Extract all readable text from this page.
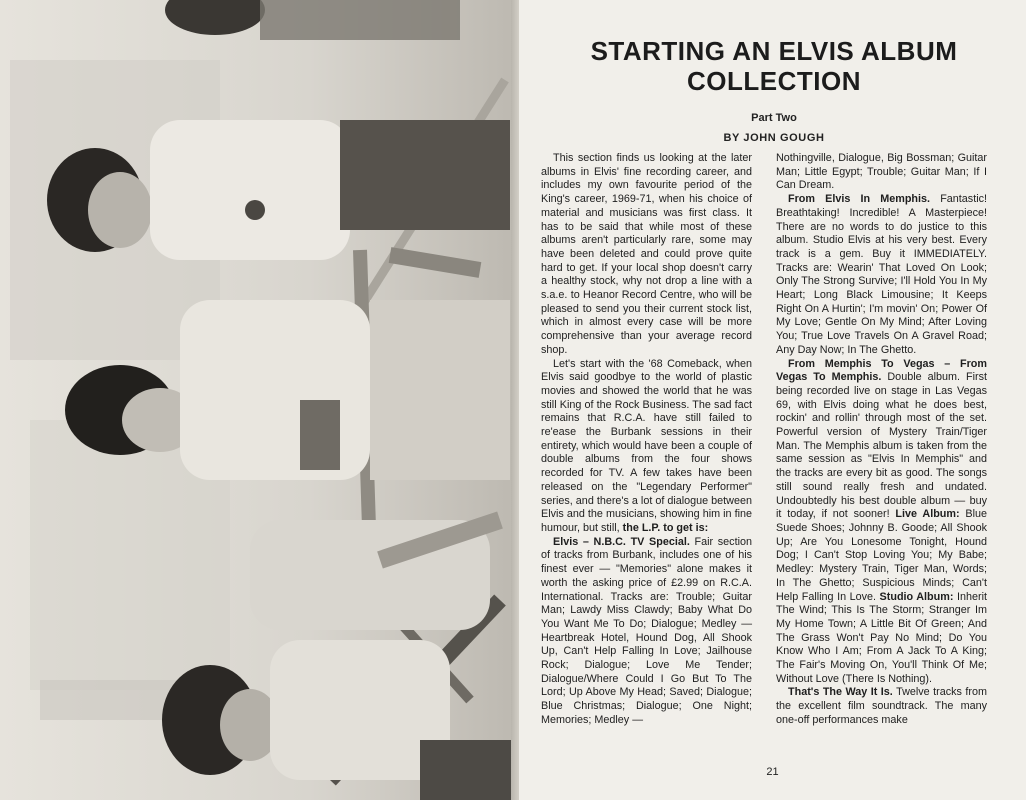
STARTING AN ELVIS ALBUM COLLECTION
Part Two
BY JOHN GOUGH

This section finds us looking at the later albums in Elvis' fine recording career, and includes my own favourite period of the King's career, 1969-71, when his choice of material and musicians was first class. It has to be said that while most of these albums aren't particularly rare, some may have been deleted and could prove quite hard to get. If your local shop doesn't carry a healthy stock, why not drop a line with a s.a.e. to Heanor Record Centre, who will be pleased to send you their current stock list, which in almost every case will be more comprehensive than your average record shop.

Let's start with the '68 Comeback, when Elvis said goodbye to the world of plastic movies and showed the world that he was still King of the Rock Business. The sad fact remains that R.C.A. have still failed to re'ease the Burbank sessions in their entirety, which would have been a couple of double albums from the four shows recorded for TV. A few takes have been released on the "Legendary Performer" series, and there's a lot of dialogue between Elvis and the musicians, showing him in fine humour, but still, the L.P. to get is:

Elvis – N.B.C. TV Special. Fair section of tracks from Burbank, includes one of his finest ever — "Memories" alone makes it worth the asking price of £2.99 on R.C.A. International. Tracks are: Trouble; Guitar Man; Lawdy Miss Clawdy; Baby What Do You Want Me To Do; Dialogue; Medley — Heartbreak Hotel, Hound Dog, All Shook Up, Can't Help Falling In Love; Jailhouse Rock; Dialogue; Love Me Tender; Dialogue/Where Could I Go But To The Lord; Up Above My Head; Saved; Dialogue; Blue Christmas; Dialogue; One Night; Memories; Medley —

Nothingville, Dialogue, Big Bossman; Guitar Man; Little Egypt; Trouble; Guitar Man; If I Can Dream.

From Elvis In Memphis. Fantastic! Breathtaking! Incredible! A Masterpiece! There are no words to do justice to this album. Studio Elvis at his very best. Every track is a gem. Buy it IMMEDIATELY. Tracks are: Wearin' That Loved On Look; Only The Strong Survive; I'll Hold You In My Heart; Long Black Limousine; It Keeps Right On A Hurtin'; I'm movin' On; Power Of My Love; Gentle On My Mind; After Loving You; True Love Travels On A Gravel Road; Any Day Now; In The Ghetto.

From Memphis To Vegas – From Vegas To Memphis. Double album. First being recorded live on stage in Las Vegas 69, with Elvis doing what he does best, rockin' and rollin' through most of the set. Powerful version of Mystery Train/Tiger Man. The Memphis album is taken from the same session as "Elvis In Memphis" and the tracks are every bit as good. The songs still sound really fresh and undated. Undoubtedly his best double album — buy it today, if not sooner! Live Album: Blue Suede Shoes; Johnny B. Goode; All Shook Up; Are You Lonesome Tonight, Hound Dog; I Can't Stop Loving You; My Babe; Medley: Mystery Train, Tiger Man, Words; In The Ghetto; Suspicious Minds; Can't Help Falling In Love. Studio Album: Inherit The Wind; This Is The Storm; Stranger Im My Home Town; A Little Bit Of Green; And The Grass Won't Pay No Mind; Do You Know Who I Am; From A Jack To A King; The Fair's Moving On, You'll Think Of Me; Without Love (There Is Nothing).

That's The Way It Is. Twelve tracks from the excellent film soundtrack. The many one-off performances make

21
